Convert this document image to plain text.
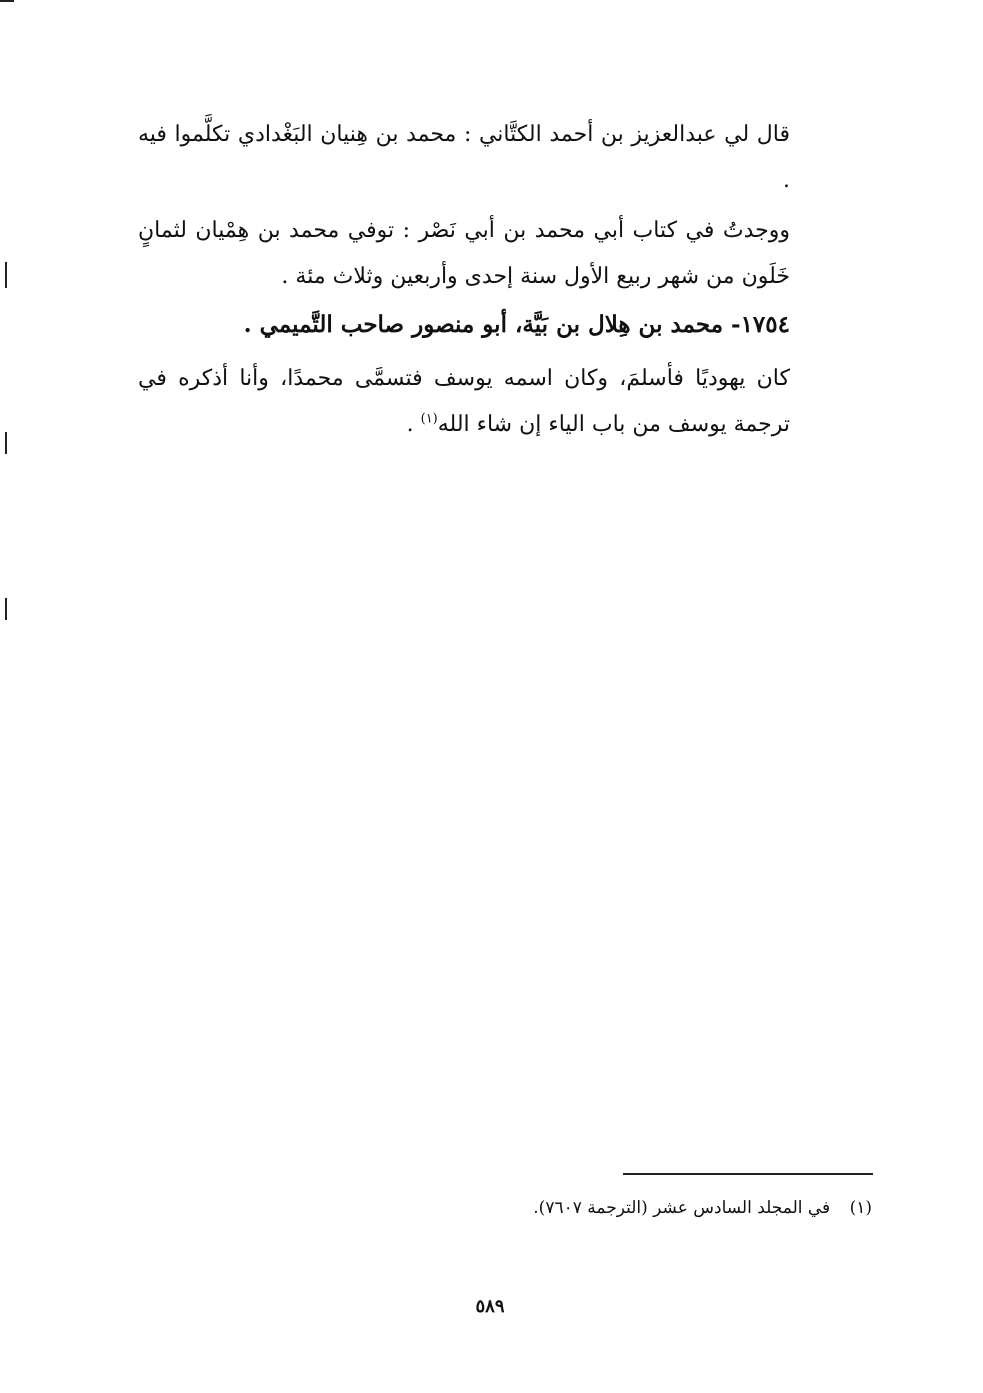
قال لي عبدالعزيز بن أحمد الكتَّاني : محمد بن هِنيان البَغْدادي تكلَّموا فيه .

ووجدتُ في كتاب أبي محمد بن أبي نَصْر : توفي محمد بن هِمْيان لثمانٍ خَلَون من شهر ربيع الأول سنة إحدى وأربعين وثلاث مئة .

١٧٥٤- محمد بن هِلال بن بَيَّة، أبو منصور صاحب التَّميمي .

كان يهوديًا فأسلمَ، وكان اسمه يوسف فتسمَّى محمدًا، وأنا أذكره في ترجمة يوسف من باب الياء إن شاء الله$^{(١)}$ .

(١) في المجلد السادس عشر (الترجمة ٧٦٠٧).
٥٨٩
